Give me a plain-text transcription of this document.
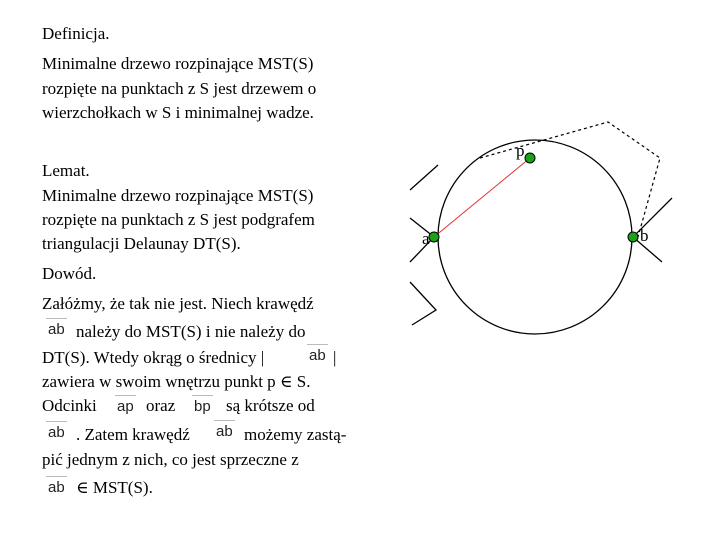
Definicja.
Minimalne drzewo rozpinające MST(S)
rozpięte na punktach z S jest drzewem o
wierzchołkach w S i minimalnej wadze.
Lemat.
Minimalne drzewo rozpinające MST(S)
rozpięte na punktach z S jest podgrafem
triangulacji Delaunay DT(S).
Dowód.
Załóżmy, że tak nie jest. Niech krawędź
ab należy do MST(S) i nie należy do
DT(S). Wtedy okrąg o średnicy |	ab |
zawiera w swoim wnętrzu punkt p ∈ S.
Odcinki ap oraz bp są krótsze od
ab . Zatem krawędź ab możemy zastą-
pić jednym z nich, co jest sprzeczne z
ab ∈ MST(S).
a	b
p
